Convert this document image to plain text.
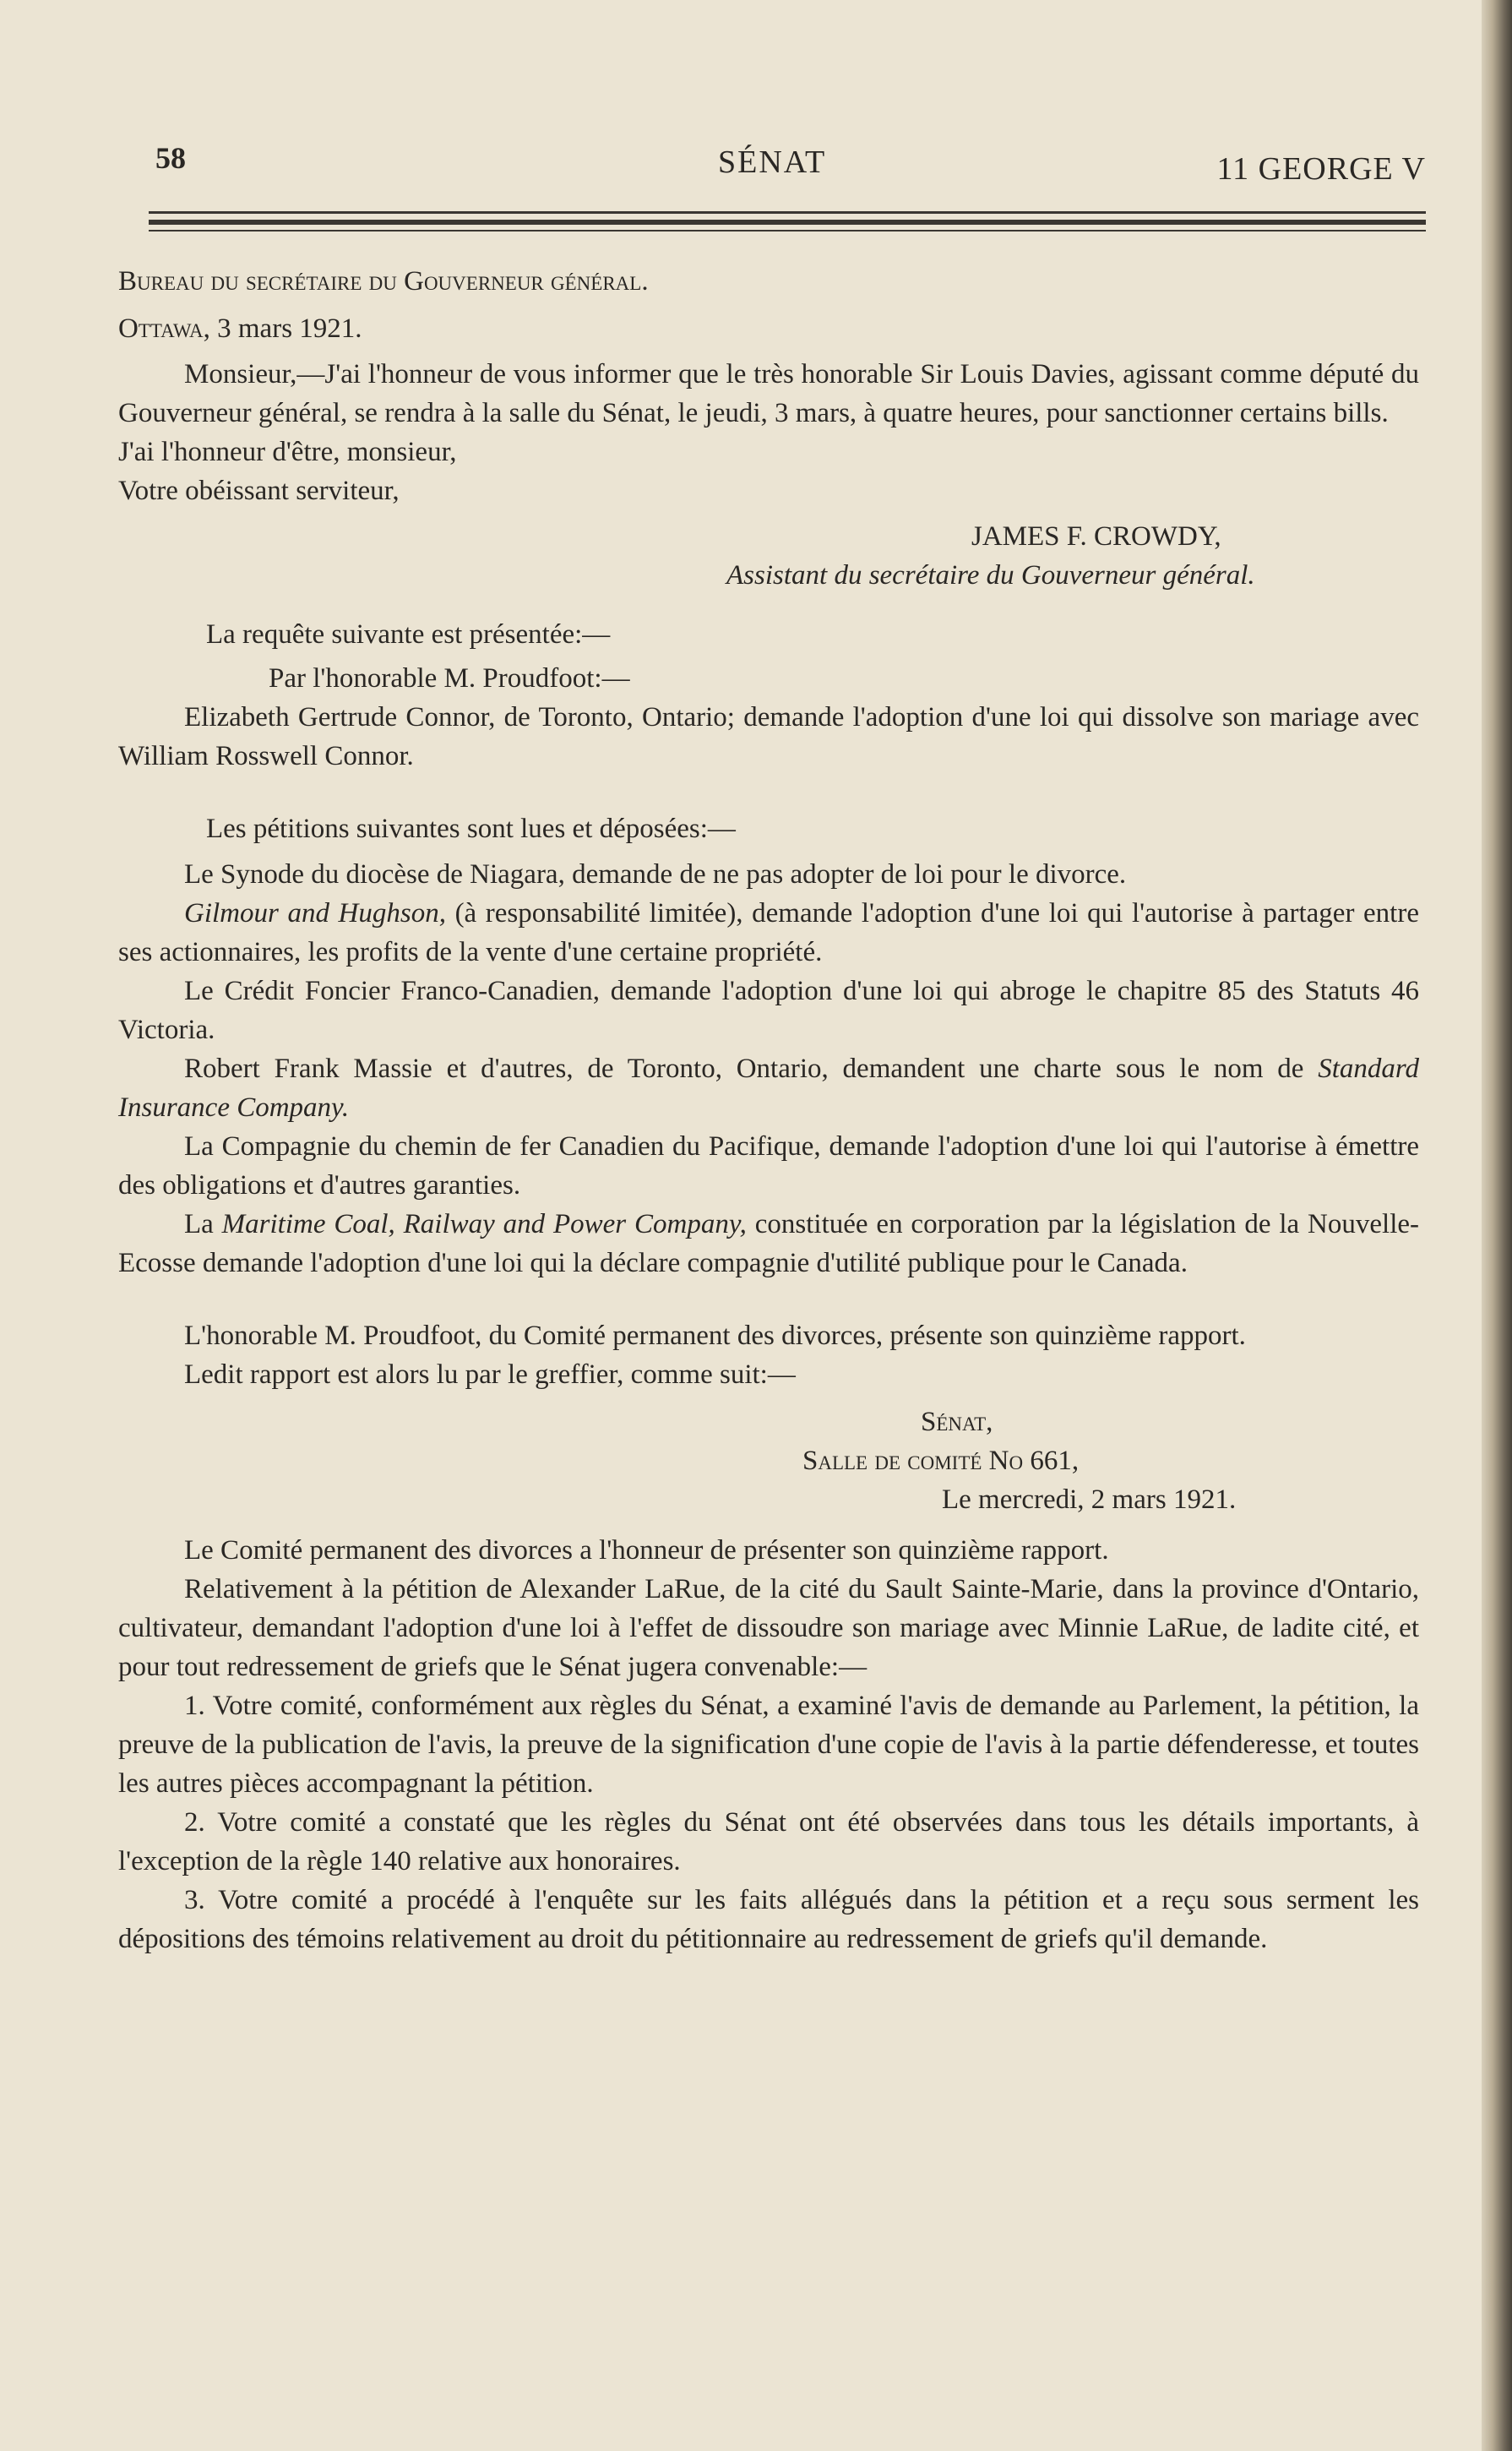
58	SÉNAT	11 GEORGE V

Bureau du secrétaire du Gouverneur général.

Ottawa, 3 mars 1921.

Monsieur,—J'ai l'honneur de vous informer que le très honorable Sir Louis Davies, agissant comme député du Gouverneur général, se rendra à la salle du Sénat, le jeudi, 3 mars, à quatre heures, pour sanctionner certains bills.

J'ai l'honneur d'être, monsieur,

Votre obéissant serviteur,

JAMES F. CROWDY,

Assistant du secrétaire du Gouverneur général.

La requête suivante est présentée:—

Par l'honorable M. Proudfoot:—

Elizabeth Gertrude Connor, de Toronto, Ontario; demande l'adoption d'une loi qui dissolve son mariage avec William Rosswell Connor.

Les pétitions suivantes sont lues et déposées:—

Le Synode du diocèse de Niagara, demande de ne pas adopter de loi pour le divorce.

Gilmour and Hughson, (à responsabilité limitée), demande l'adoption d'une loi qui l'autorise à partager entre ses actionnaires, les profits de la vente d'une certaine propriété.

Le Crédit Foncier Franco-Canadien, demande l'adoption d'une loi qui abroge le chapitre 85 des Statuts 46 Victoria.

Robert Frank Massie et d'autres, de Toronto, Ontario, demandent une charte sous le nom de Standard Insurance Company.

La Compagnie du chemin de fer Canadien du Pacifique, demande l'adoption d'une loi qui l'autorise à émettre des obligations et d'autres garanties.

La Maritime Coal, Railway and Power Company, constituée en corporation par la législation de la Nouvelle-Ecosse demande l'adoption d'une loi qui la déclare compagnie d'utilité publique pour le Canada.

L'honorable M. Proudfoot, du Comité permanent des divorces, présente son quinzième rapport.

Ledit rapport est alors lu par le greffier, comme suit:—

Sénat,

Salle de comité No 661,

Le mercredi, 2 mars 1921.

Le Comité permanent des divorces a l'honneur de présenter son quinzième rapport.

Relativement à la pétition de Alexander LaRue, de la cité du Sault Sainte-Marie, dans la province d'Ontario, cultivateur, demandant l'adoption d'une loi à l'effet de dissoudre son mariage avec Minnie LaRue, de ladite cité, et pour tout redressement de griefs que le Sénat jugera convenable:—

1. Votre comité, conformément aux règles du Sénat, a examiné l'avis de demande au Parlement, la pétition, la preuve de la publication de l'avis, la preuve de la signification d'une copie de l'avis à la partie défenderesse, et toutes les autres pièces accompagnant la pétition.

2. Votre comité a constaté que les règles du Sénat ont été observées dans tous les détails importants, à l'exception de la règle 140 relative aux honoraires.

3. Votre comité a procédé à l'enquête sur les faits allégués dans la pétition et a reçu sous serment les dépositions des témoins relativement au droit du pétitionnaire au redressement de griefs qu'il demande.
